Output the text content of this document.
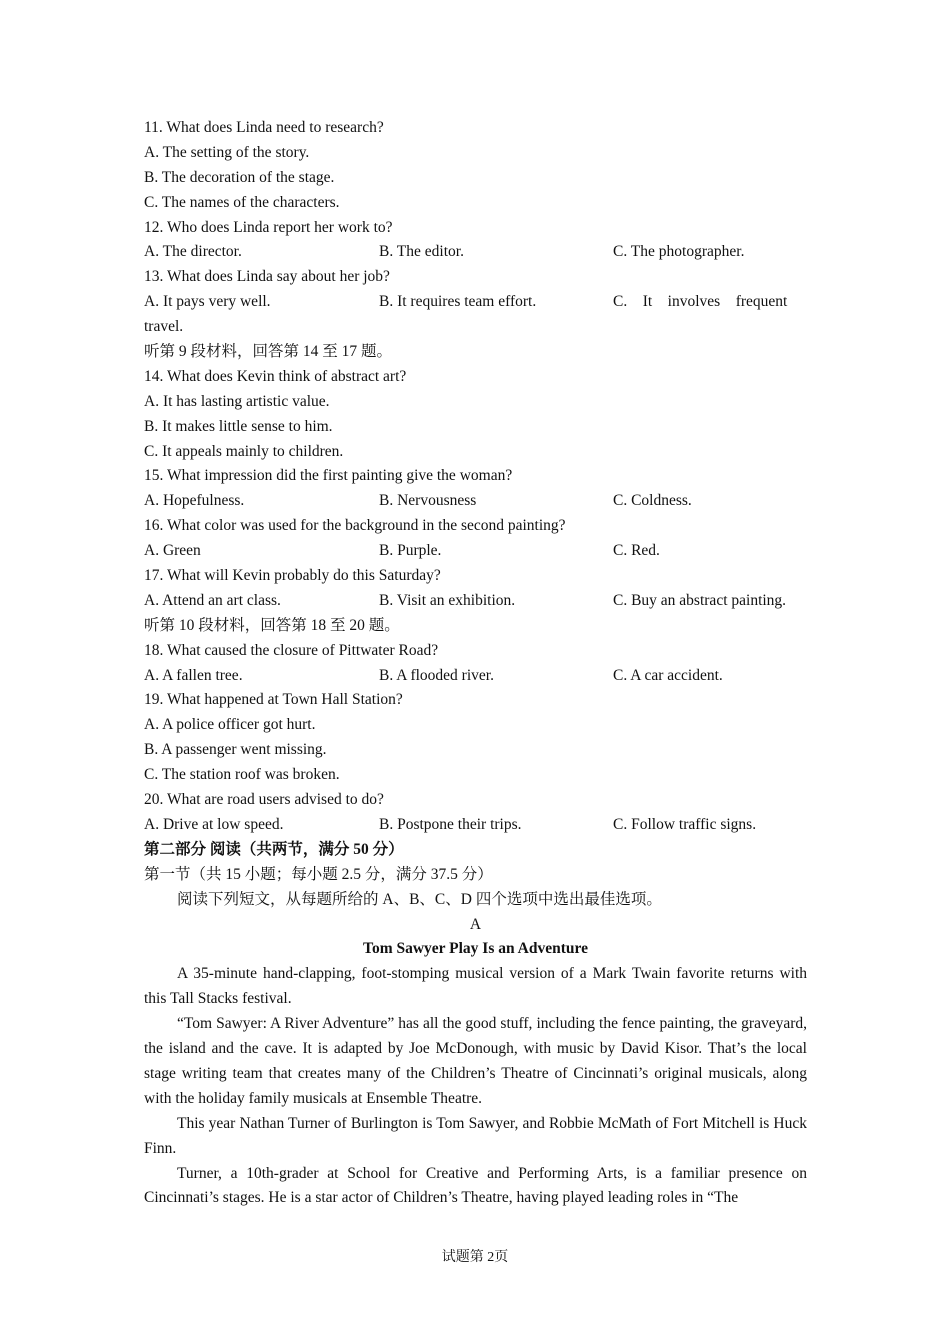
11. What does Linda need to research?
A. The setting of the story.
B. The decoration of the stage.
C. The names of the characters.
12. Who does Linda report her work to?
A. The director.	B. The editor.	C. The photographer.
13. What does Linda say about her job?
A. It pays very well.	B. It requires team effort.	C.    It    involves    frequent
travel.
听第 9 段材料，回答第 14 至 17 题。
14. What does Kevin think of abstract art?
A. It has lasting artistic value.
B. It makes little sense to him.
C. It appeals mainly to children.
15. What impression did the first painting give the woman?
A. Hopefulness.	B. Nervousness	C. Coldness.
16. What color was used for the background in the second painting?
A. Green	B. Purple.	C. Red.
17. What will Kevin probably do this Saturday?
A. Attend an art class.	B. Visit an exhibition.	C. Buy an abstract painting.
听第 10 段材料，回答第 18 至 20 题。
18. What caused the closure of Pittwater Road?
A. A fallen tree.	B. A flooded river.	C. A car accident.
19. What happened at Town Hall Station?
A. A police officer got hurt.
B. A passenger went missing.
C. The station roof was broken.
20. What are road users advised to do?
A. Drive at low speed.	B. Postpone their trips.	C. Follow traffic signs.
第二部分 阅读（共两节，满分 50 分）
第一节（共 15 小题；每小题 2.5 分，满分 37.5 分）
阅读下列短文，从每题所给的 A、B、C、D 四个选项中选出最佳选项。
A
Tom Sawyer Play Is an Adventure

A 35-minute hand-clapping, foot-stomping musical version of a Mark Twain favorite returns with this Tall Stacks festival.

“Tom Sawyer: A River Adventure” has all the good stuff, including the fence painting, the graveyard, the island and the cave. It is adapted by Joe McDonough, with music by David Kisor. That’s the local stage writing team that creates many of the Children’s Theatre of Cincinnati’s original musicals, along with the holiday family musicals at Ensemble Theatre.

This year Nathan Turner of Burlington is Tom Sawyer, and Robbie McMath of Fort Mitchell is Huck Finn.

Turner, a 10th-grader at School for Creative and Performing Arts, is a familiar presence on Cincinnati’s stages. He is a star actor of Children’s Theatre, having played leading roles in “The

试题第 2页
